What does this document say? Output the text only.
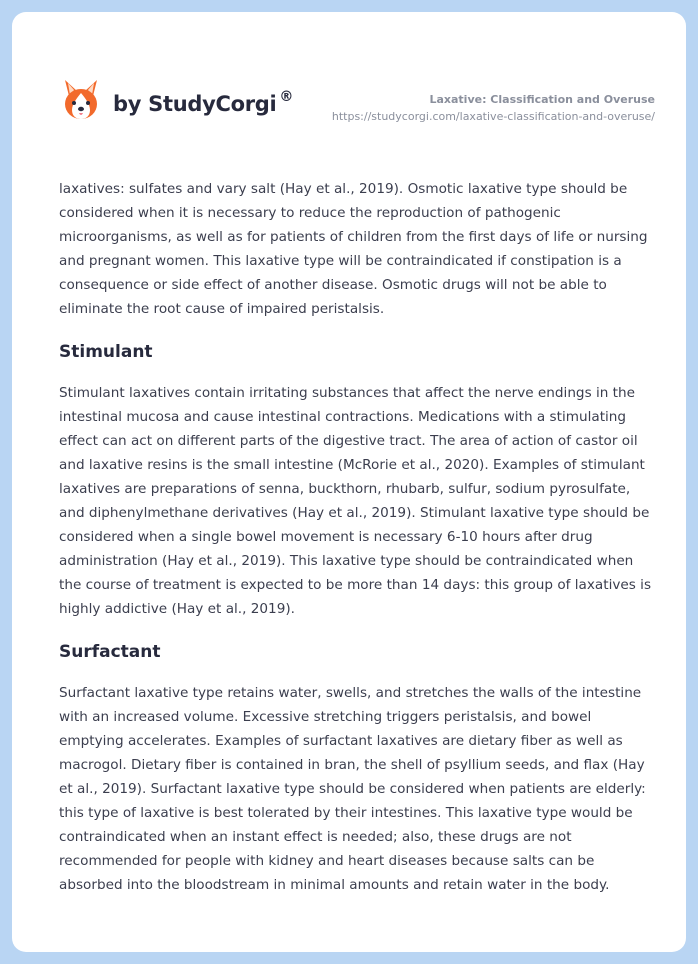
by StudyCorgi ®	Laxative: Classification and Overuse
https://studycorgi.com/laxative-classification-and-overuse/

laxatives: sulfates and vary salt (Hay et al., 2019). Osmotic laxative type should be considered when it is necessary to reduce the reproduction of pathogenic microorganisms, as well as for patients of children from the first days of life or nursing and pregnant women. This laxative type will be contraindicated if constipation is a consequence or side effect of another disease. Osmotic drugs will not be able to eliminate the root cause of impaired peristalsis.

Stimulant

Stimulant laxatives contain irritating substances that affect the nerve endings in the intestinal mucosa and cause intestinal contractions. Medications with a stimulating effect can act on different parts of the digestive tract. The area of action of castor oil and laxative resins is the small intestine (McRorie et al., 2020). Examples of stimulant laxatives are preparations of senna, buckthorn, rhubarb, sulfur, sodium pyrosulfate, and diphenylmethane derivatives (Hay et al., 2019). Stimulant laxative type should be considered when a single bowel movement is necessary 6-10 hours after drug administration (Hay et al., 2019). This laxative type should be contraindicated when the course of treatment is expected to be more than 14 days: this group of laxatives is highly addictive (Hay et al., 2019).

Surfactant

Surfactant laxative type retains water, swells, and stretches the walls of the intestine with an increased volume. Excessive stretching triggers peristalsis, and bowel emptying accelerates. Examples of surfactant laxatives are dietary fiber as well as macrogol. Dietary fiber is contained in bran, the shell of psyllium seeds, and flax (Hay et al., 2019). Surfactant laxative type should be considered when patients are elderly: this type of laxative is best tolerated by their intestines. This laxative type would be contraindicated when an instant effect is needed; also, these drugs are not recommended for people with kidney and heart diseases because salts can be absorbed into the bloodstream in minimal amounts and retain water in the body.
